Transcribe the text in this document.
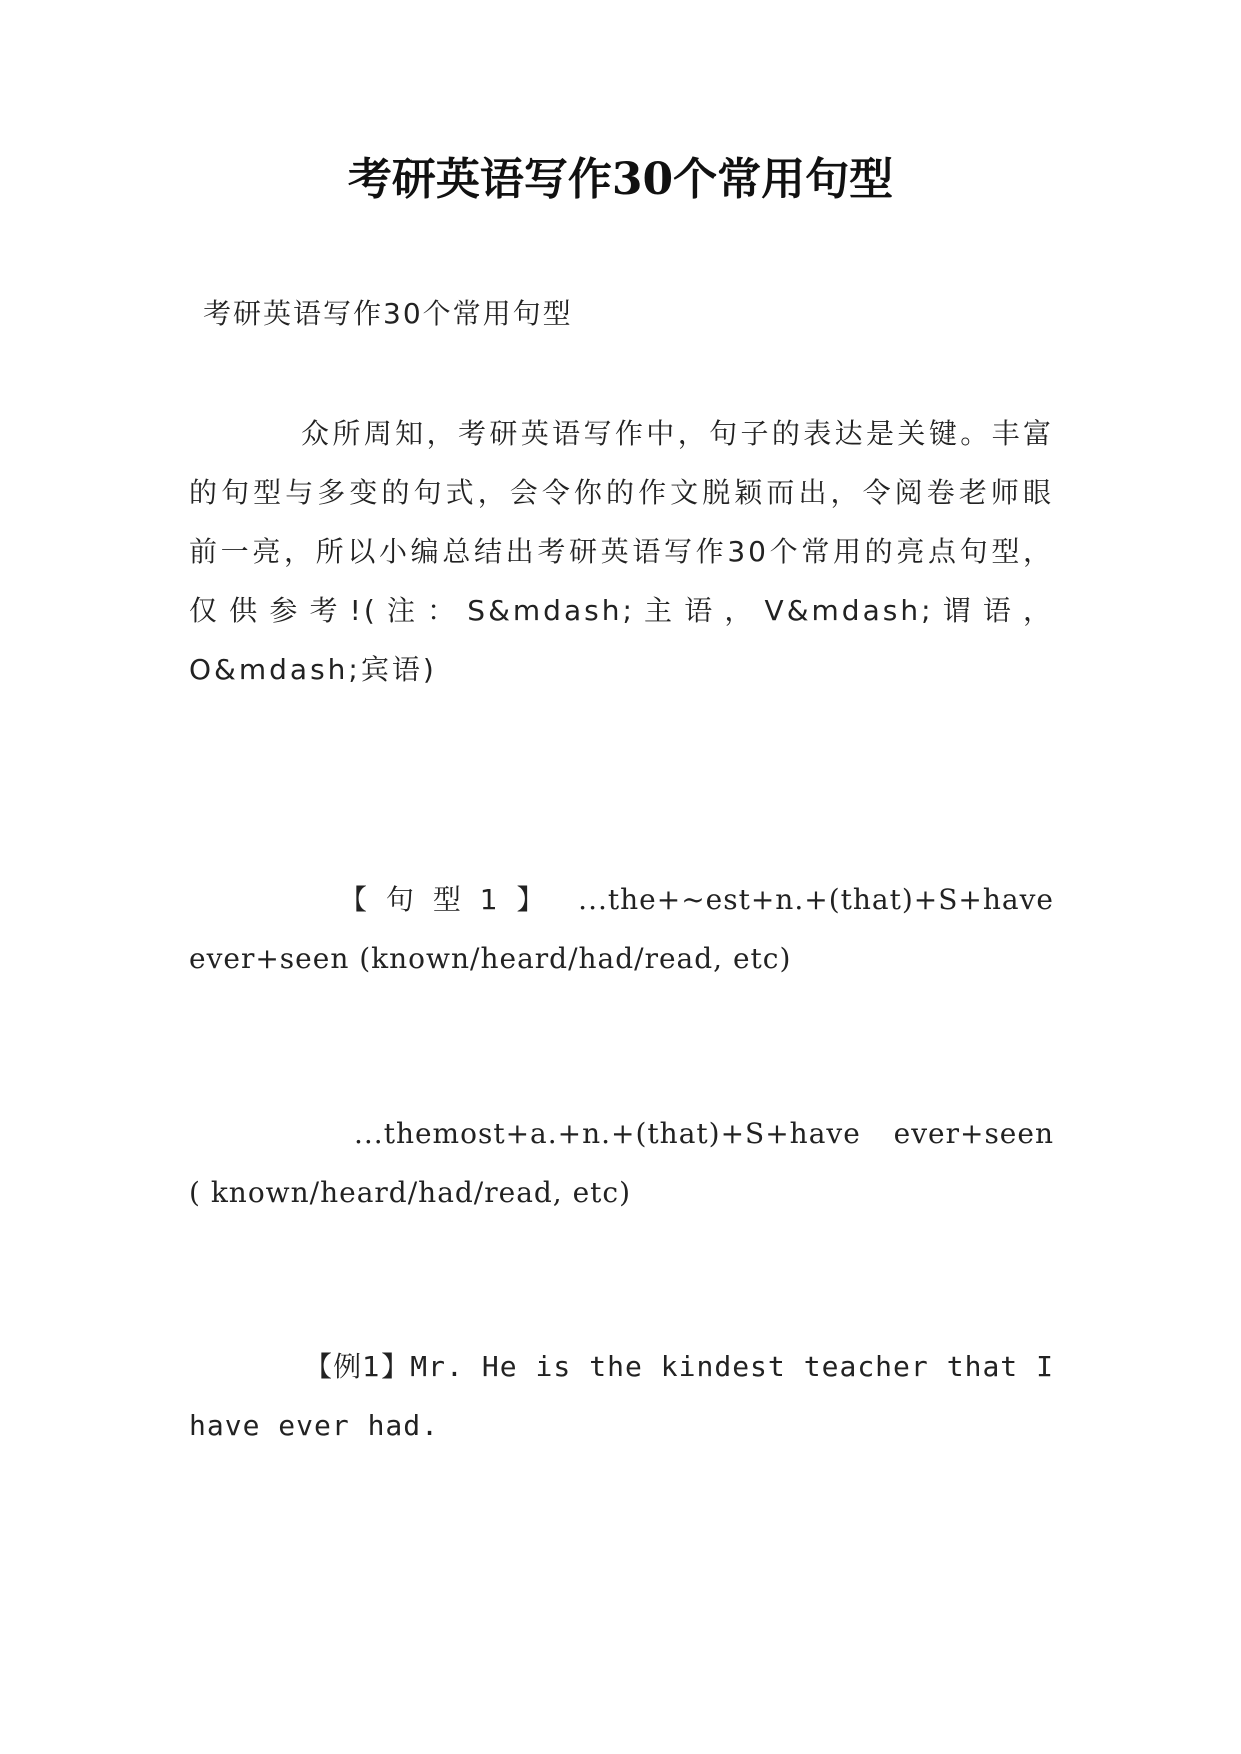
考研英语写作30个常用句型
考研英语写作30个常用句型
众所周知，考研英语写作中，句子的表达是关键。丰富的句型与多变的句式，会令你的作文脱颖而出，令阅卷老师眼前一亮，所以小编总结出考研英语写作30个常用的亮点句型，仅供参考!(注：S&mdash;主语，V&mdash;谓语，O&mdash;宾语)
【句型1】 ...the+~est+n.+(that)+S+have ever+seen (known/heard/had/read, etc)
...themost+a.+n.+(that)+S+have　ever+seen ( known/heard/had/read, etc)
【例1】Mr. He is the kindest teacher that I have ever had.
